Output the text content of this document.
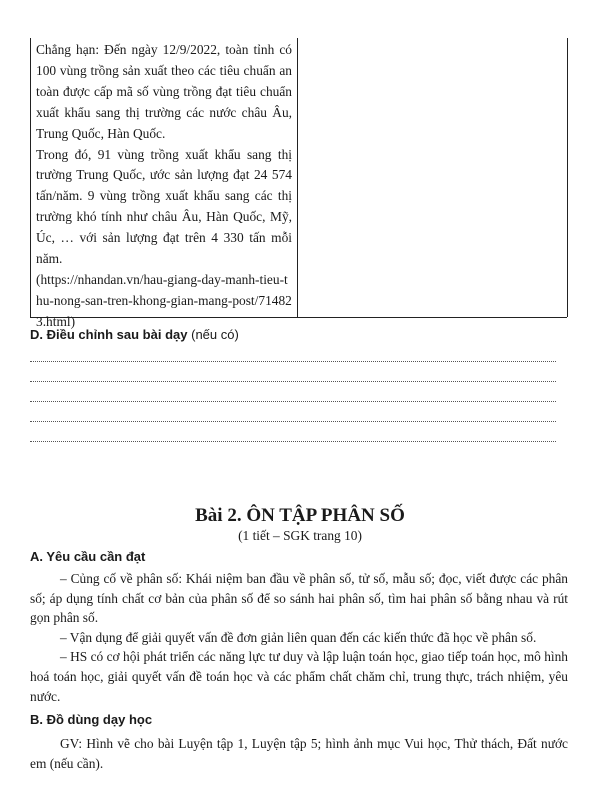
Chẳng hạn: Đến ngày 12/9/2022, toàn tỉnh có 100 vùng trồng sản xuất theo các tiêu chuẩn an toàn được cấp mã số vùng trồng đạt tiêu chuẩn xuất khẩu sang thị trường các nước châu Âu, Trung Quốc, Hàn Quốc.

Trong đó, 91 vùng trồng xuất khẩu sang thị trường Trung Quốc, ước sản lượng đạt 24 574 tấn/năm. 9 vùng trồng xuất khẩu sang các thị trường khó tính như châu Âu, Hàn Quốc, Mỹ, Úc, … với sản lượng đạt trên 4 330 tấn mỗi năm.

(https://nhandan.vn/hau-giang-day-manh-tieu-thu-nong-san-tren-khong-gian-mang-post/714823.html)

D. Điều chỉnh sau bài dạy (nếu có)
Bài 2. ÔN TẬP PHÂN SỐ
(1 tiết – SGK trang 10)
A. Yêu cầu cần đạt

– Củng cố về phân số: Khái niệm ban đầu về phân số, tử số, mẫu số; đọc, viết được các phân số; áp dụng tính chất cơ bản của phân số để so sánh hai phân số, tìm hai phân số bằng nhau và rút gọn phân số.

– Vận dụng để giải quyết vấn đề đơn giản liên quan đến các kiến thức đã học về phân số.

– HS có cơ hội phát triển các năng lực tư duy và lập luận toán học, giao tiếp toán học, mô hình hoá toán học, giải quyết vấn đề toán học và các phẩm chất chăm chỉ, trung thực, trách nhiệm, yêu nước.

B. Đồ dùng dạy học

GV: Hình vẽ cho bài Luyện tập 1, Luyện tập 5; hình ảnh mục Vui học, Thử thách, Đất nước em (nếu cần).
